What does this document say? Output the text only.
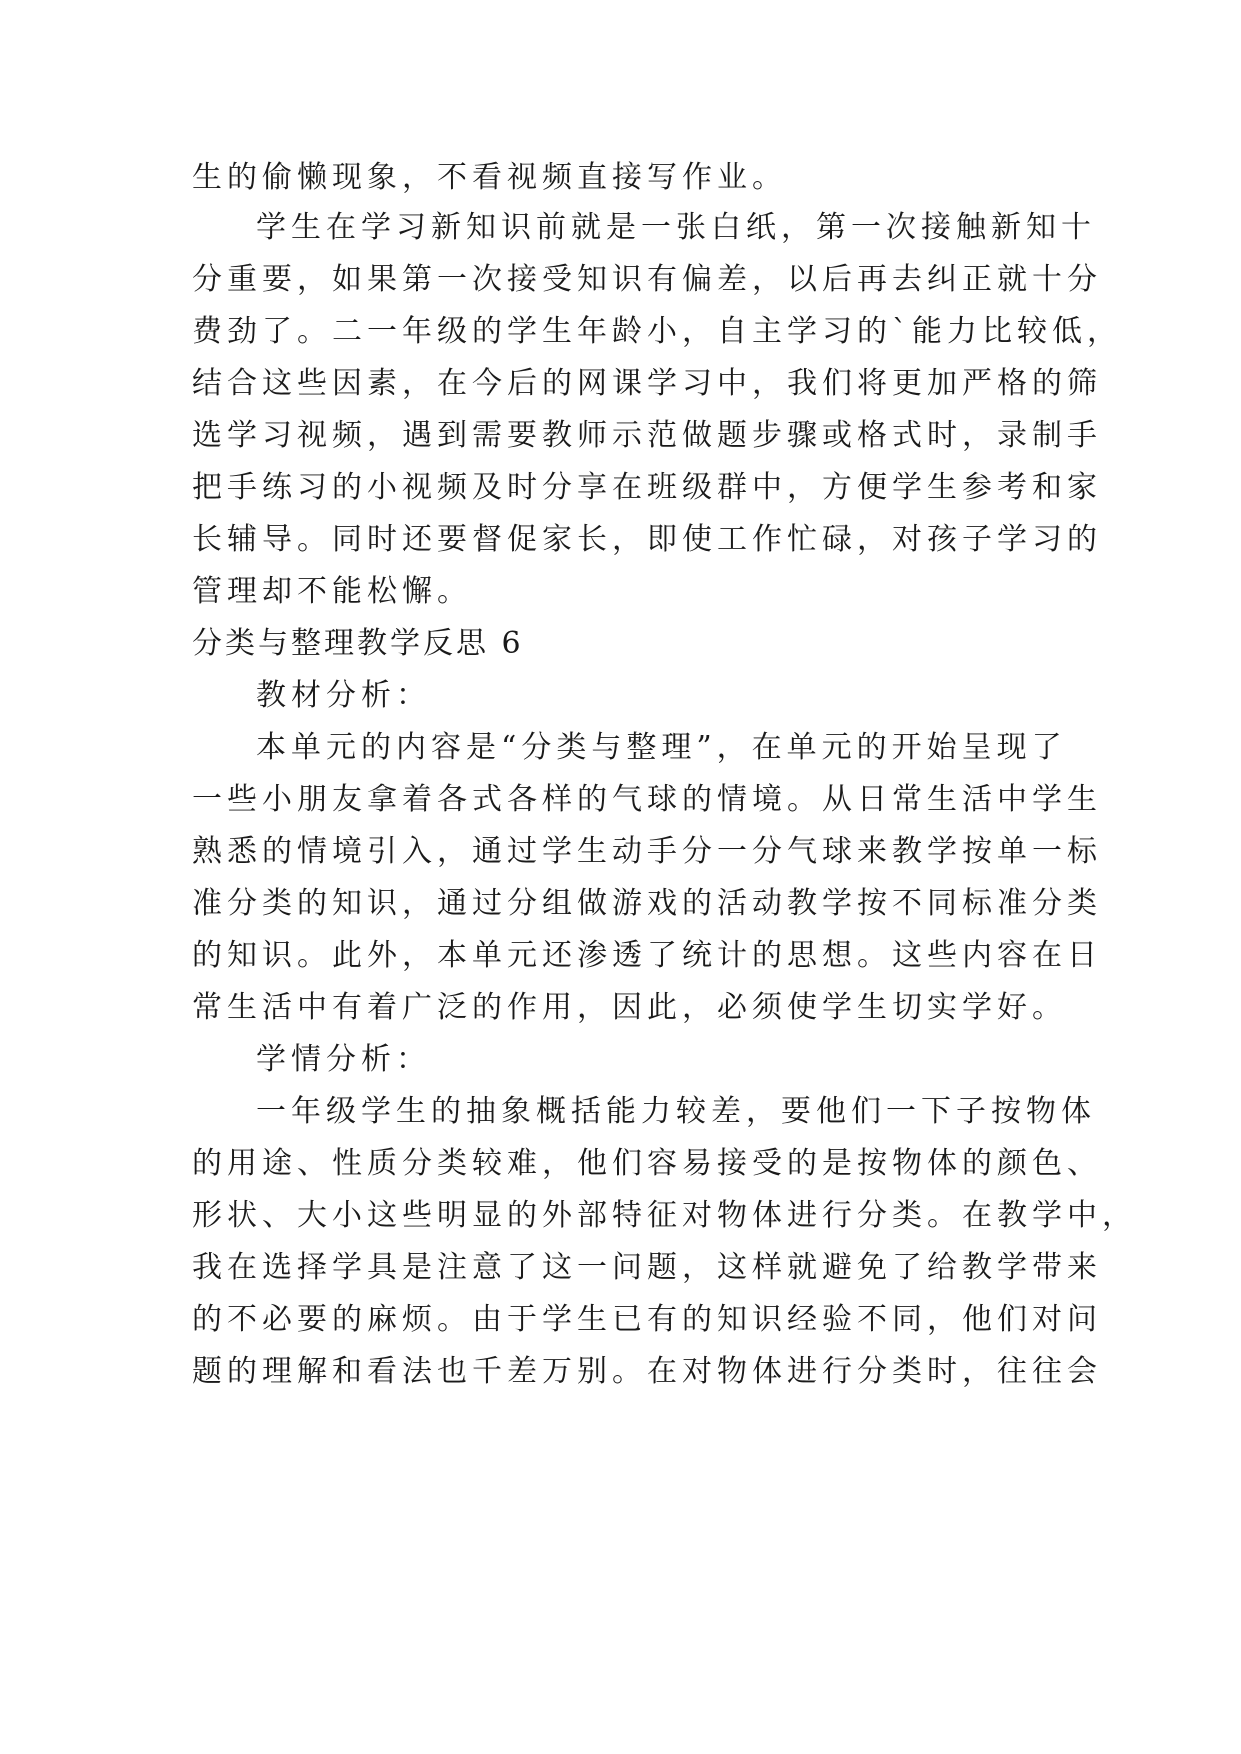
生的偷懒现象，不看视频直接写作业。
学生在学习新知识前就是一张白纸，第一次接触新知十
分重要，如果第一次接受知识有偏差，以后再去纠正就十分
费劲了。二一年级的学生年龄小，自主学习的`能力比较低，
结合这些因素，在今后的网课学习中，我们将更加严格的筛
选学习视频，遇到需要教师示范做题步骤或格式时，录制手
把手练习的小视频及时分享在班级群中，方便学生参考和家
长辅导。同时还要督促家长，即使工作忙碌，对孩子学习的
管理却不能松懈。
分类与整理教学反思 6
教材分析：
本单元的内容是“分类与整理”，在单元的开始呈现了
一些小朋友拿着各式各样的气球的情境。从日常生活中学生
熟悉的情境引入，通过学生动手分一分气球来教学按单一标
准分类的知识，通过分组做游戏的活动教学按不同标准分类
的知识。此外，本单元还渗透了统计的思想。这些内容在日
常生活中有着广泛的作用，因此，必须使学生切实学好。
学情分析：
一年级学生的抽象概括能力较差，要他们一下子按物体
的用途、性质分类较难，他们容易接受的是按物体的颜色、
形状、大小这些明显的外部特征对物体进行分类。在教学中，
我在选择学具是注意了这一问题，这样就避免了给教学带来
的不必要的麻烦。由于学生已有的知识经验不同，他们对问
题的理解和看法也千差万别。在对物体进行分类时，往往会
